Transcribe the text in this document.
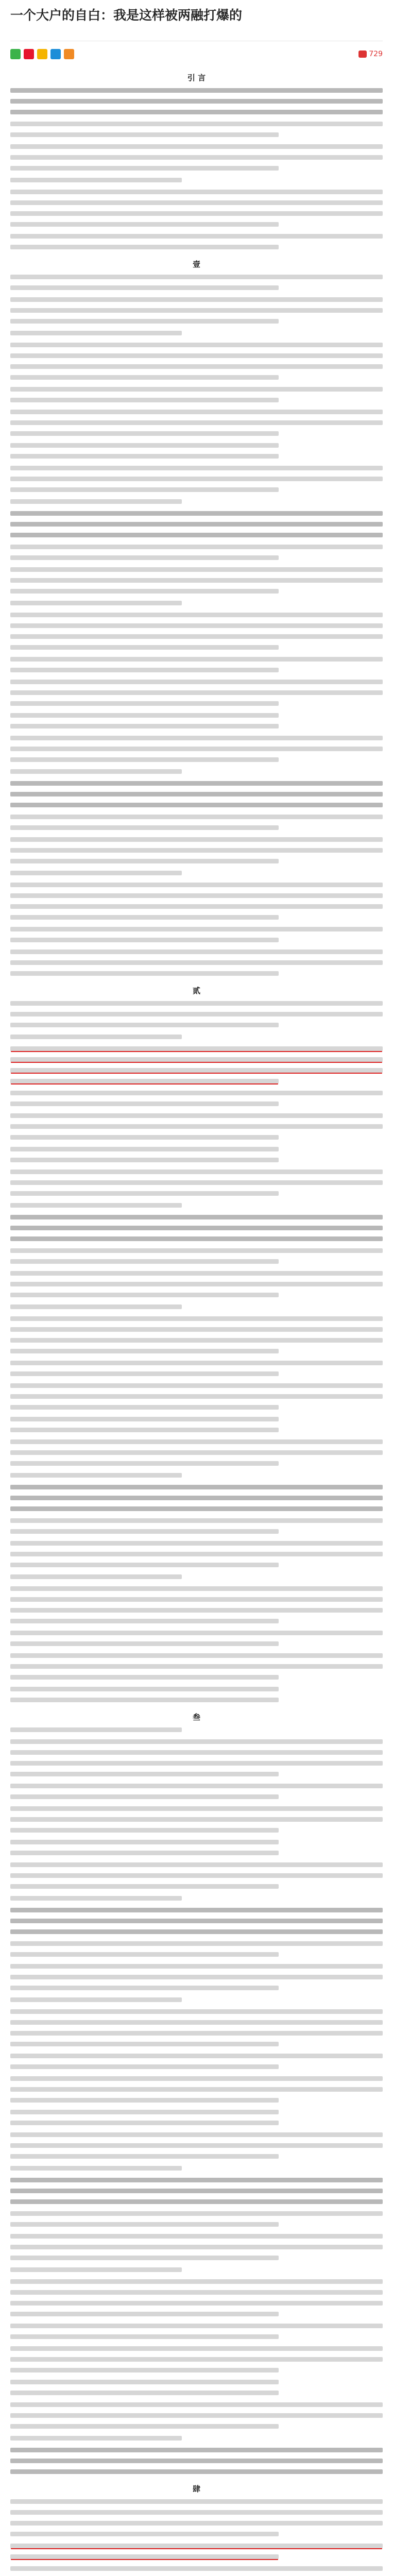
一个大户的自白：我是这样被两融打爆的
729
引 言
壹
贰
叁
肆
